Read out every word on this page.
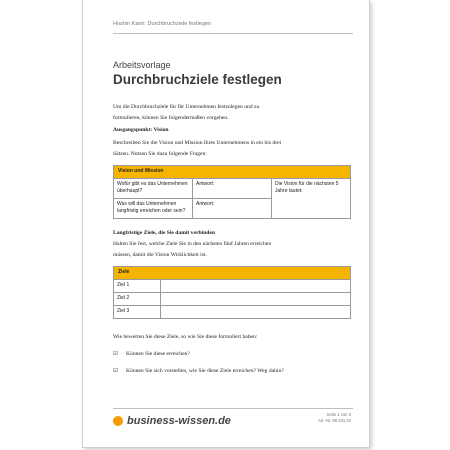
Hoshin Kanri: Durchbruchziele festlegen
Arbeitsvorlage
Durchbruchziele festlegen
Um die Durchbruchziele für Ihr Unternehmen festzulegen und zu
formulieren, können Sie folgendermaßen vorgehen.
Ausgangspunkt: Vision
Beschreiben Sie die Vision und Mission Ihres Unternehmens in ein bis drei
Sätzen. Nutzen Sie dazu folgende Fragen:
Vision und Mission		
Wofür gibt es das Unternehmen überhaupt?	Antwort:	Die Vision für die nächsten 5 Jahre lautet:
Was will das Unternehmen langfristig erreichen oder sein?	Antwort:	
Langfristige Ziele, die Sie damit verbinden
Halten Sie fest, welche Ziele Sie in den nächsten fünf Jahren erreichen
müssen, damit die Vision Wirklichkeit ist.
Ziele	
Ziel 1	
Ziel 2	
Ziel 3	
Wie bewerten Sie diese Ziele, so wie Sie diese formuliert haben:
☑ Können Sie diese erreichen?
☑ Können Sie sich vorstellen, wie Sie diese Ziele erreichen? Weg dahin?
business-wissen.de
Seite 1 von 3
Art.-Nr. 99.191.02
